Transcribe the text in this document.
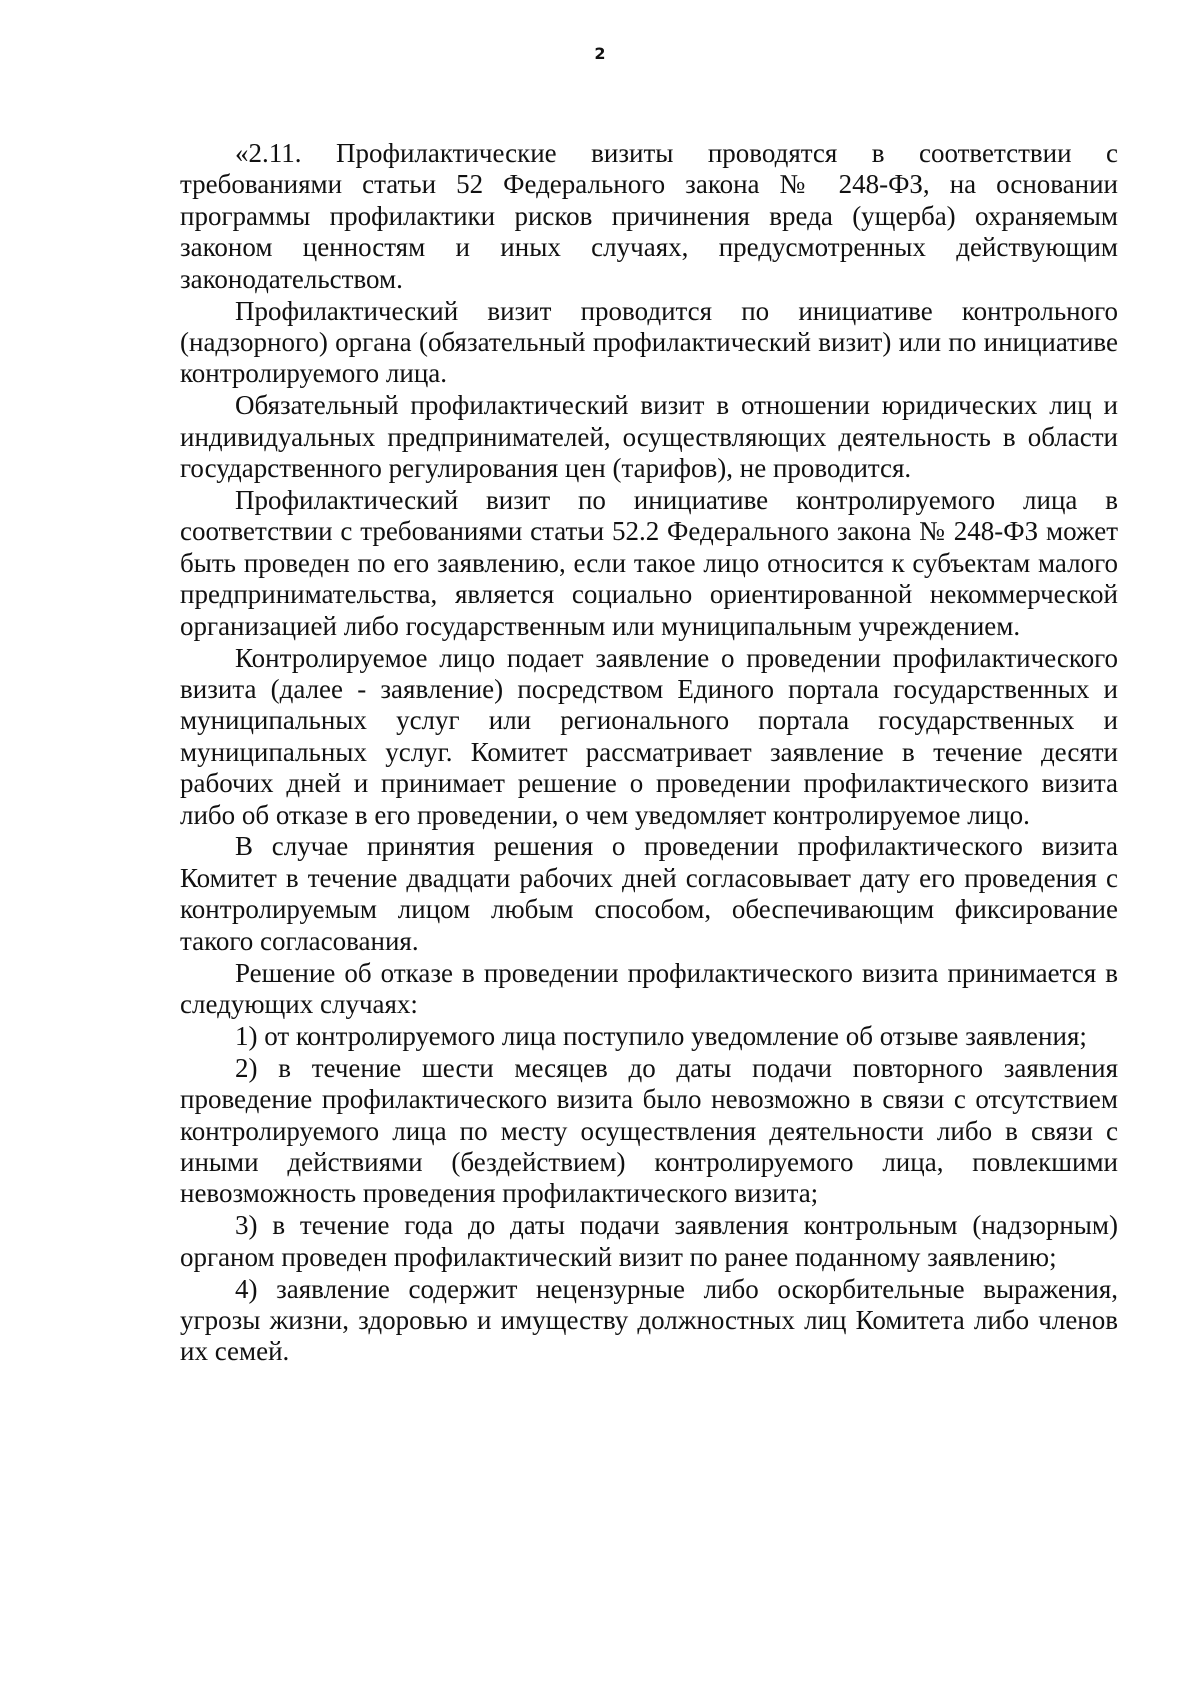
2

«2.11. Профилактические визиты проводятся в соответствии с требованиями статьи 52 Федерального закона № 248-ФЗ, на основании программы профилактики рисков причинения вреда (ущерба) охраняемым законом ценностям и иных случаях, предусмотренных действующим законодательством.

Профилактический визит проводится по инициативе контрольного (надзорного) органа (обязательный профилактический визит) или по инициативе контролируемого лица.

Обязательный профилактический визит в отношении юридических лиц и индивидуальных предпринимателей, осуществляющих деятельность в области государственного регулирования цен (тарифов), не проводится.

Профилактический визит по инициативе контролируемого лица в соответствии с требованиями статьи 52.2 Федерального закона № 248-ФЗ может быть проведен по его заявлению, если такое лицо относится к субъектам малого предпринимательства, является социально ориентированной некоммерческой организацией либо государственным или муниципальным учреждением.

Контролируемое лицо подает заявление о проведении профилактического визита (далее - заявление) посредством Единого портала государственных и муниципальных услуг или регионального портала государственных и муниципальных услуг. Комитет рассматривает заявление в течение десяти рабочих дней и принимает решение о проведении профилактического визита либо об отказе в его проведении, о чем уведомляет контролируемое лицо.

В случае принятия решения о проведении профилактического визита Комитет в течение двадцати рабочих дней согласовывает дату его проведения с контролируемым лицом любым способом, обеспечивающим фиксирование такого согласования.

Решение об отказе в проведении профилактического визита принимается в следующих случаях:

1) от контролируемого лица поступило уведомление об отзыве заявления;

2) в течение шести месяцев до даты подачи повторного заявления проведение профилактического визита было невозможно в связи с отсутствием контролируемого лица по месту осуществления деятельности либо в связи с иными действиями (бездействием) контролируемого лица, повлекшими невозможность проведения профилактического визита;

3) в течение года до даты подачи заявления контрольным (надзорным) органом проведен профилактический визит по ранее поданному заявлению;

4) заявление содержит нецензурные либо оскорбительные выражения, угрозы жизни, здоровью и имуществу должностных лиц Комитета либо членов их семей.
